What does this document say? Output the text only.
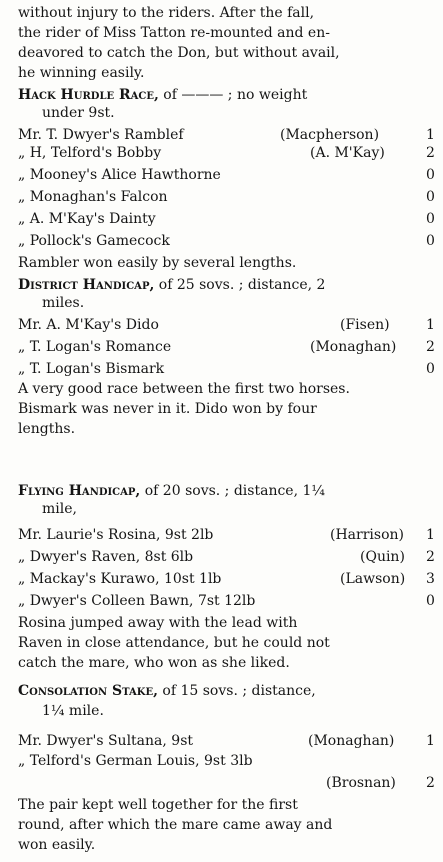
without injury to the riders. After the fall,
the rider of Miss Tatton re-mounted and en-
deavored to catch the Don, but without avail,
he winning easily.
Hack Hurdle Race, of ——— ; no weight
under 9st.
Mr. T. Dwyer's Ramblef	(Macpherson)	1
„ H, Telford's Bobby	(A. M'Kay)	2
„ Mooney's Alice Hawthorne	0
„ Monaghan's Falcon	0
„ A. M'Kay's Dainty	0
„ Pollock's Gamecock	0
Rambler won easily by several lengths.
District Handicap, of 25 sovs. ; distance, 2
miles.
Mr. A. M'Kay's Dido	(Fisen)	1
„ T. Logan's Romance	(Monaghan) 2
„ T. Logan's Bismark	0
A very good race between the first two horses.
Bismark was never in it. Dido won by four
lengths.
Flying Handicap, of 20 sovs. ; distance, 1¼
mile,
Mr. Laurie's Rosina, 9st 2lb	(Harrison) 1
„ Dwyer's Raven, 8st 6lb	(Quin) 2
„ Mackay's Kurawo, 10st 1lb	(Lawson) 3
„ Dwyer's Colleen Bawn, 7st 12lb	0
Rosina jumped away with the lead with
Raven in close attendance, but he could not
catch the mare, who won as she liked.
Consolation Stake, of 15 sovs. ; distance,
1¼ mile.
Mr. Dwyer's Sultana, 9st	(Monaghan) 1
„ Telford's German Louis, 9st 3lb
(Brosnan) 2
The pair kept well together for the first
round, after which the mare came away and
won easily.
